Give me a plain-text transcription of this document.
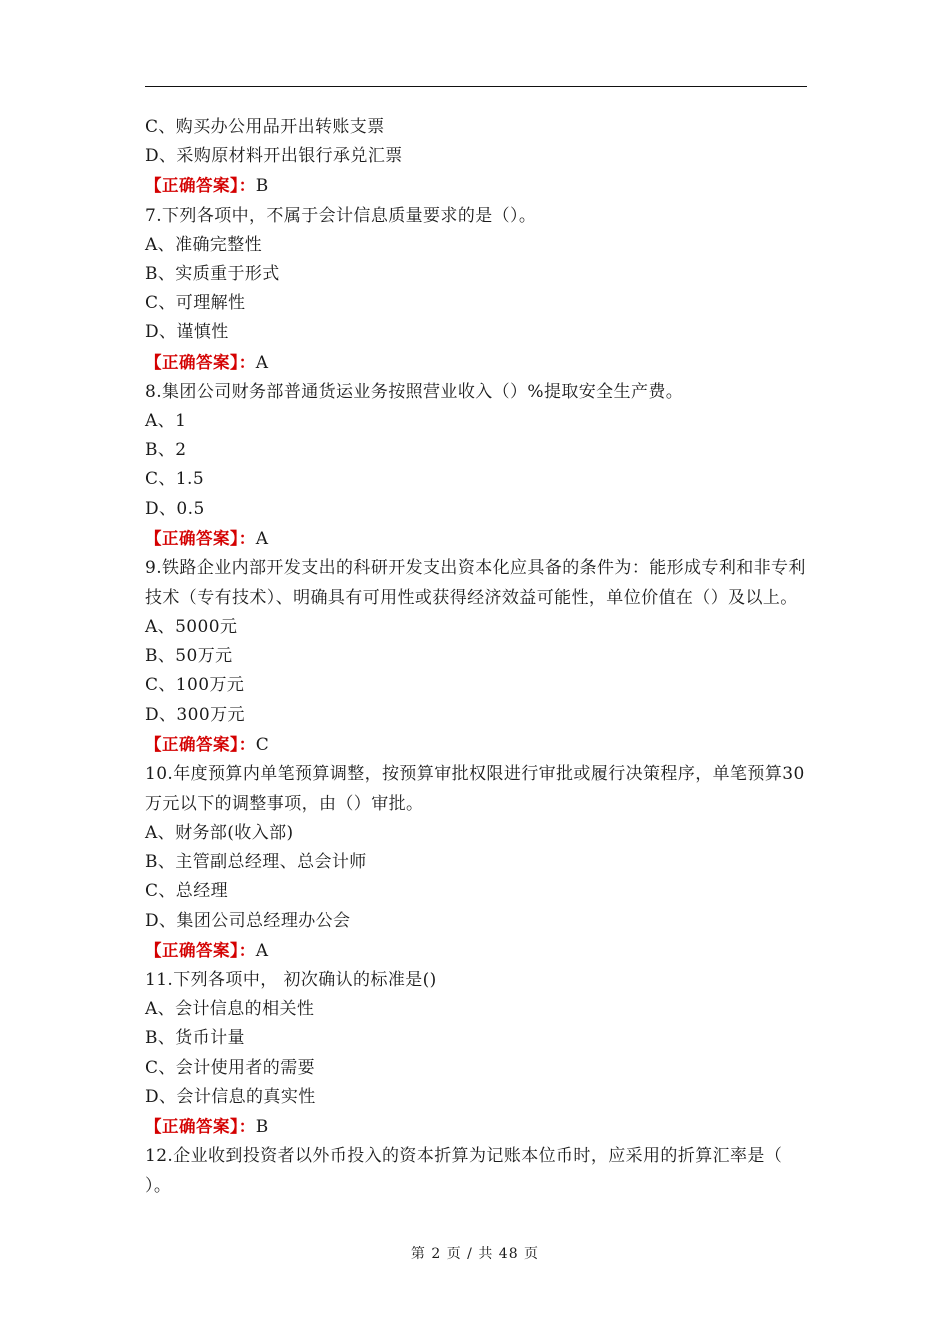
C、购买办公用品开出转账支票
D、采购原材料开出银行承兑汇票
【正确答案】：B
7.下列各项中，不属于会计信息质量要求的是（）。
A、准确完整性
B、实质重于形式
C、可理解性
D、谨慎性
【正确答案】：A
8.集团公司财务部普通货运业务按照营业收入（）%提取安全生产费。
A、1
B、2
C、1.5
D、0.5
【正确答案】：A
9.铁路企业内部开发支出的科研开发支出资本化应具备的条件为：能形成专利和非专利技术（专有技术）、明确具有可用性或获得经济效益可能性，单位价值在（）及以上。
A、5000元
B、50万元
C、100万元
D、300万元
【正确答案】：C
10.年度预算内单笔预算调整，按预算审批权限进行审批或履行决策程序，单笔预算30万元以下的调整事项，由（）审批。
A、财务部(收入部)
B、主管副总经理、总会计师
C、总经理
D、集团公司总经理办公会
【正确答案】：A
11.下列各项中， 初次确认的标准是()
A、会计信息的相关性
B、货币计量
C、会计使用者的需要
D、会计信息的真实性
【正确答案】：B
12.企业收到投资者以外币投入的资本折算为记账本位币时，应采用的折算汇率是（ ）。
第 2 页 / 共 48 页
